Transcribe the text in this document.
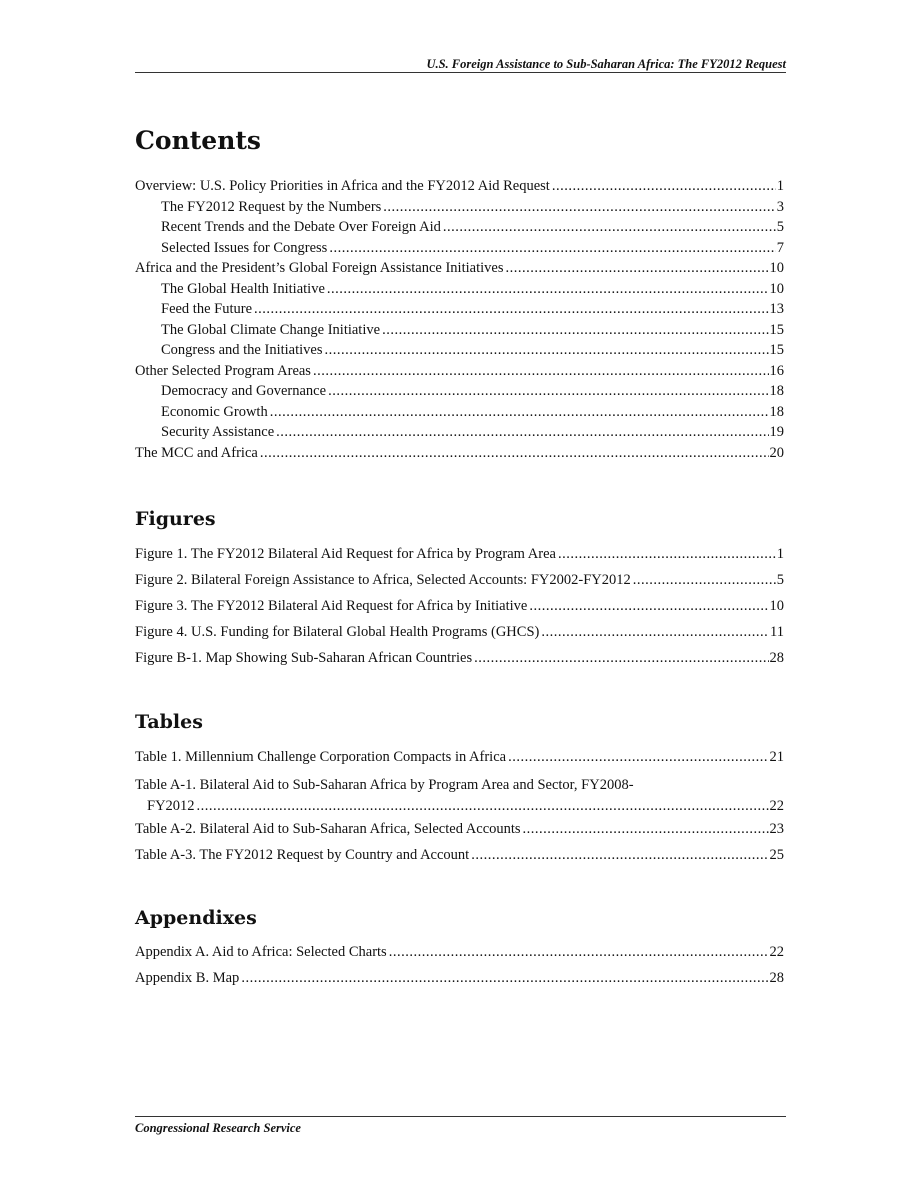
U.S. Foreign Assistance to Sub-Saharan Africa: The FY2012 Request
Contents
Overview: U.S. Policy Priorities in Africa and the FY2012 Aid Request .....	1
The FY2012 Request by the Numbers .....	3
Recent Trends and the Debate Over Foreign Aid .....	5
Selected Issues for Congress .....	7
Africa and the President’s Global Foreign Assistance Initiatives .....	10
The Global Health Initiative .....	10
Feed the Future .....	13
The Global Climate Change Initiative .....	15
Congress and the Initiatives .....	15
Other Selected Program Areas .....	16
Democracy and Governance .....	18
Economic Growth .....	18
Security Assistance .....	19
The MCC and Africa .....	20
Figures
Figure 1. The FY2012 Bilateral Aid Request for Africa by Program Area .....	1
Figure 2. Bilateral Foreign Assistance to Africa, Selected Accounts: FY2002-FY2012 .....	5
Figure 3. The FY2012 Bilateral Aid Request for Africa by Initiative .....	10
Figure 4. U.S. Funding for Bilateral Global Health Programs (GHCS) .....	11
Figure B-1. Map Showing Sub-Saharan African Countries .....	28
Tables
Table 1. Millennium Challenge Corporation Compacts in Africa .....	21
Table A-1. Bilateral Aid to Sub-Saharan Africa by Program Area and Sector, FY2008-
FY2012 .....	22
Table A-2. Bilateral Aid to Sub-Saharan Africa, Selected Accounts .....	23
Table A-3. The FY2012 Request by Country and Account .....	25
Appendixes
Appendix A. Aid to Africa: Selected Charts .....	22
Appendix B. Map .....	28
Congressional Research Service
